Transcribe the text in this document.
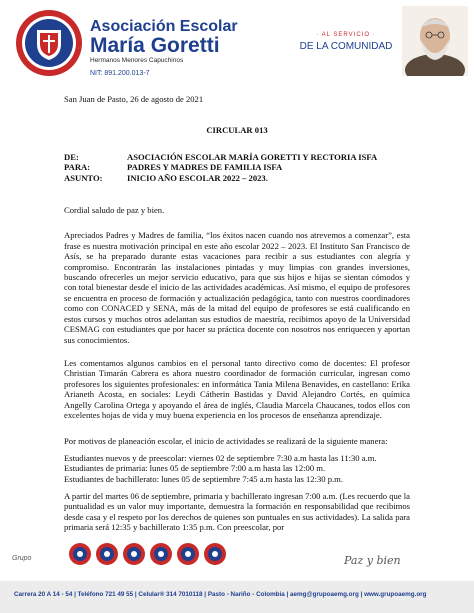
Asociación Escolar
María Goretti
Hermanos Menores Capuchinos
NIT: 891.200.013-7
· AL SERVICIO ·
DE LA COMUNIDAD

San Juan de Pasto, 26 de agosto de 2021

CIRCULAR 013

DE:	ASOCIACIÓN ESCOLAR MARÍA GORETTI Y RECTORIA ISFA
PARA:	PADRES Y MADRES DE FAMILIA ISFA
ASUNTO:	INICIO AÑO ESCOLAR 2022 – 2023.

Cordial saludo de paz y bien.

Apreciados Padres y Madres de familia, “los éxitos nacen cuando nos atrevemos a comenzar”, esta frase es nuestra motivación principal en este año escolar 2022 – 2023. El Instituto San Francisco de Asís, se ha preparado durante estas vacaciones para recibir a sus estudiantes con alegría y compromiso. Encontrarán las instalaciones pintadas y muy limpias con grandes inversiones, buscando ofrecerles un mejor servicio educativo, para que sus hijos e hijas se sientan cómodos y con total bienestar desde el inicio de las actividades académicas. Así mismo, el equipo de profesores se encuentra en proceso de formación y actualización pedagógica, tanto con nuestros coordinadores como con CONACED y SENA, más de la mitad del equipo de profesores se está cualificando en estos cursos y muchos otros adelantan sus estudios de maestría, recibimos apoyo de la Universidad CESMAG con estudiantes que por hacer su práctica docente con nosotros nos enriquecen y aportan sus conocimientos.

Les comentamos algunos cambios en el personal tanto directivo como de docentes: El profesor Christian Timarán Cabrera es ahora nuestro coordinador de formación curricular, ingresan como profesores los siguientes profesionales: en informática Tania Milena Benavides, en castellano: Erika Arianeth Acosta, en sociales: Leydi Cátherin Bastidas y David Alejandro Cortés, en química Angelly Carolina Ortega y apoyando el área de inglés, Claudia Marcela Chaucanes, todos ellos con excelentes hojas de vida y muy buena experiencia en los procesos de enseñanza aprendizaje.

Por motivos de planeación escolar, el inicio de actividades se realizará de la siguiente manera:

Estudiantes nuevos y de preescolar: viernes 02 de septiembre 7:30 a.m hasta las 11:30 a.m.

Estudiantes de primaria: lunes 05 de septiembre 7:00 a.m hasta las 12:00 m.

Estudiantes de bachillerato: lunes 05 de septiembre 7:45 a.m hasta las 12:30 p.m.

A partir del martes 06 de septiembre, primaria y bachillerato ingresan 7:00 a.m. (Les recuerdo que la puntualidad es un valor muy importante, demuestra la formación en responsabilidad que recibimos desde casa y el respeto por los derechos de quienes son puntuales en sus actividades). La salida para primaria será 12:35 y bachillerato 1:35 p.m. Con preescolar, por

Grupo	Paz y bien
Carrera 20 A 14 - 54 | Teléfono 721 49 55 | Celular® 314 7010118 | Pasto - Nariño - Colombia | aemg@grupoaemg.org | www.grupoaemg.org
